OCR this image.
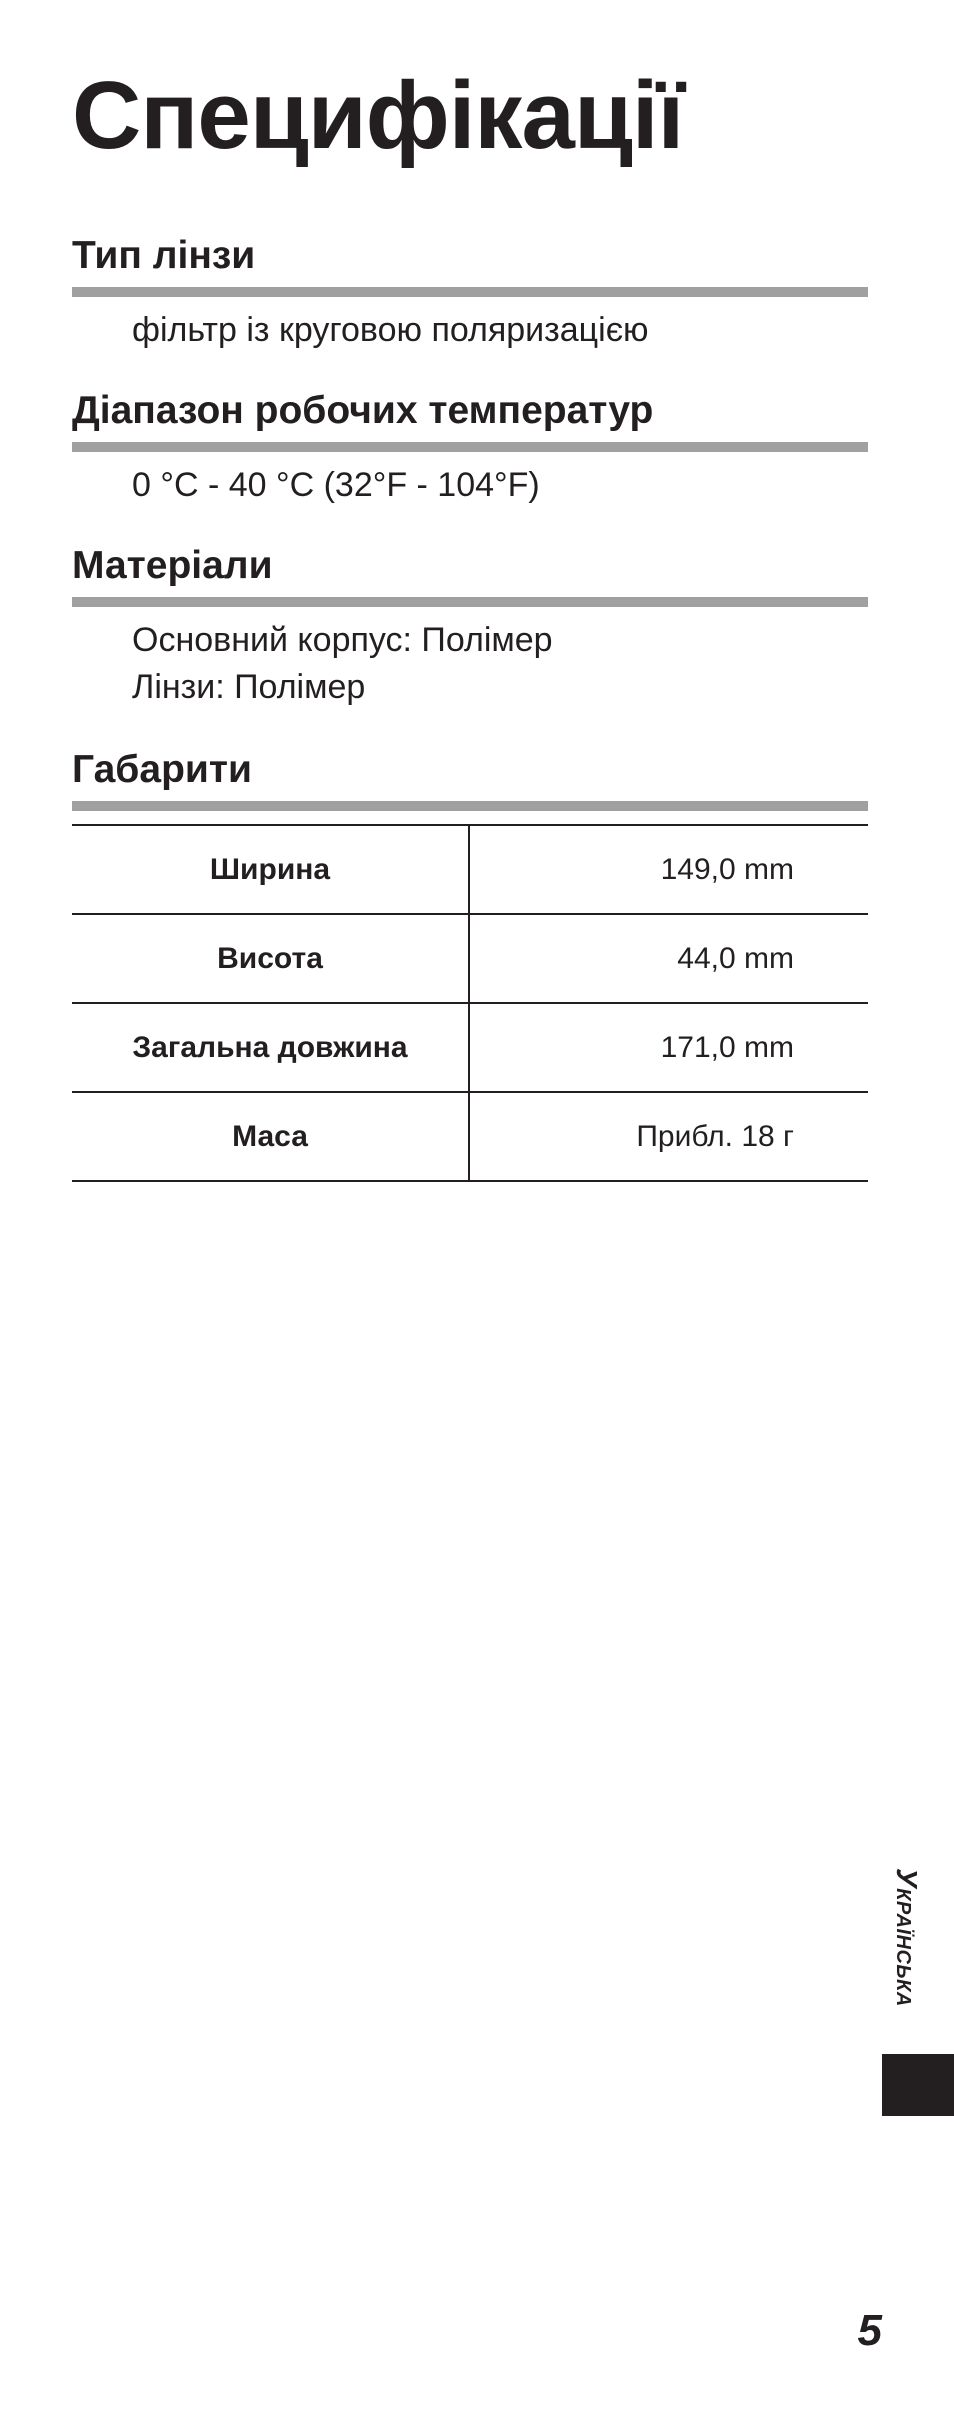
Специфікації
Тип лінзи
фільтр із круговою поляризацією
Діапазон робочих температур
0 °C - 40 °C (32°F - 104°F)
Матеріали
Основний корпус: Полімер
Лінзи: Полімер
Габарити
Ширина	149,0 mm
Висота	44,0 mm
Загальна довжина	171,0 mm
Маса	Прибл. 18 г
Українська
5
